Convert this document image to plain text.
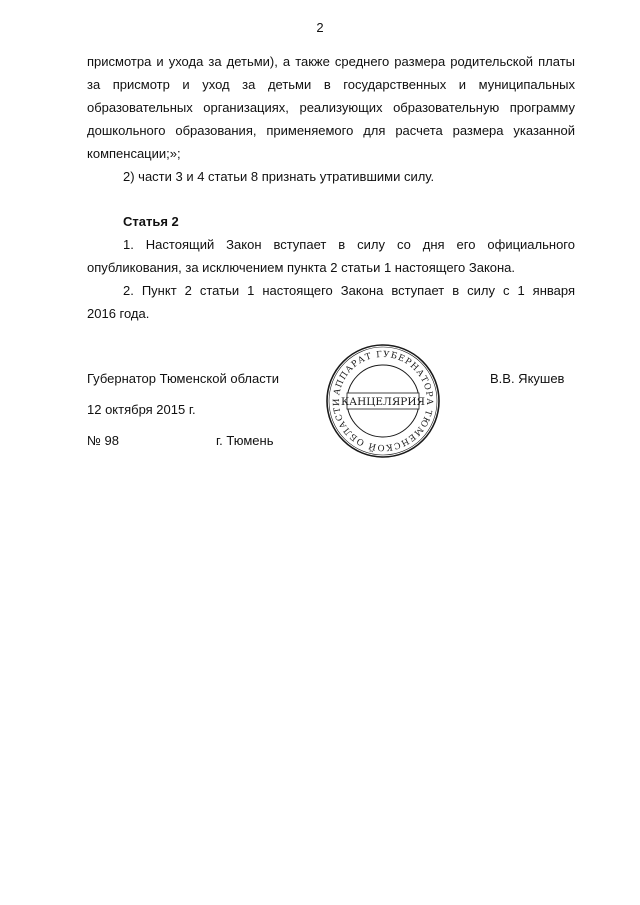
2

присмотра и ухода за детьми), а также среднего размера родительской платы

за присмотр и уход за детьми в государственных и муниципальных

образовательных организациях, реализующих образовательную программу

дошкольного образования, применяемого для расчета размера указанной

компенсации;»;

2) части 3 и 4 статьи 8 признать утратившими силу.

Статья 2

1. Настоящий Закон вступает в силу со дня его официального

опубликования, за исключением пункта 2 статьи 1 настоящего Закона.

2. Пункт 2 статьи 1 настоящего Закона вступает в силу с 1 января

2016 года.

Губернатор Тюменской области	В.В. Якушев
12 октября 2015 г.
№ 98	г. Тюмень
АППАРАТ ГУБЕРНАТОРА ТЮМЕНСКОЙ ОБЛАСТИ
КАНЦЕЛЯРИЯ
